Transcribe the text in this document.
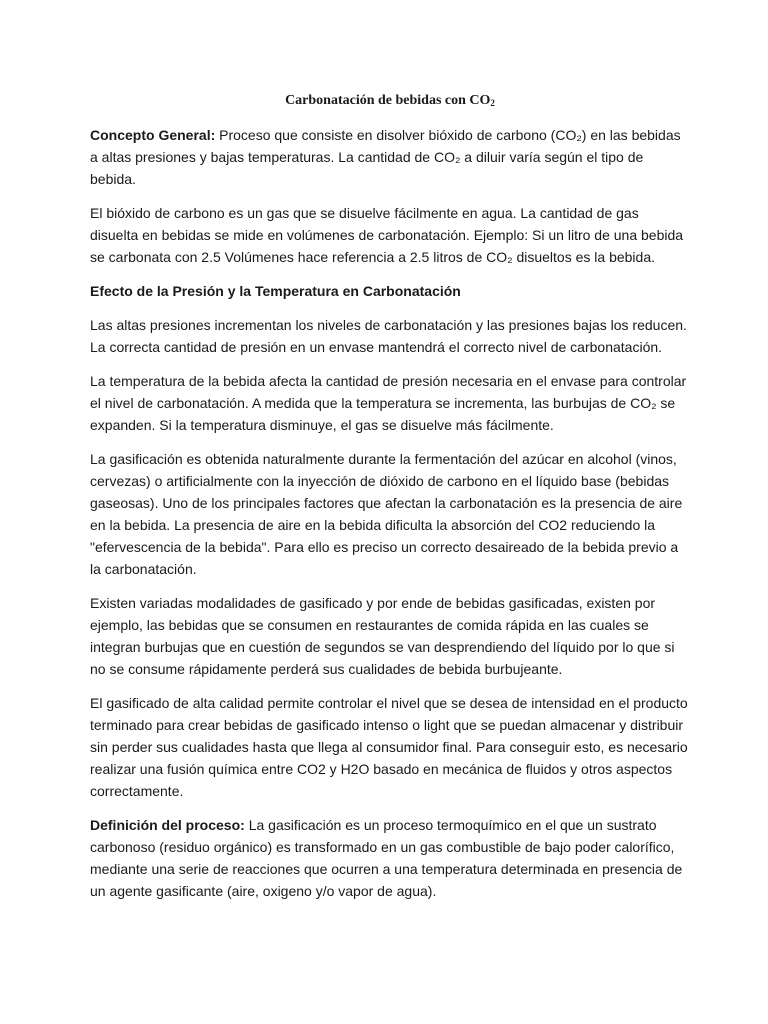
Carbonatación de bebidas con $CO_2$

Concepto General: Proceso que consiste en disolver bióxido de carbono (CO₂) en las bebidas a altas presiones y bajas temperaturas. La cantidad de CO₂ a diluir varía según el tipo de bebida.

El bióxido de carbono es un gas que se disuelve fácilmente en agua. La cantidad de gas disuelta en bebidas se mide en volúmenes de carbonatación. Ejemplo: Si un litro de una bebida se carbonata con 2.5 Volúmenes hace referencia a 2.5 litros de CO₂ disueltos es la bebida.

Efecto de la Presión y la Temperatura en Carbonatación

Las altas presiones incrementan los niveles de carbonatación y las presiones bajas los reducen. La correcta cantidad de presión en un envase mantendrá el correcto nivel de carbonatación.

La temperatura de la bebida afecta la cantidad de presión necesaria en el envase para controlar el nivel de carbonatación. A medida que la temperatura se incrementa, las burbujas de CO₂ se expanden. Si la temperatura disminuye, el gas se disuelve más fácilmente.

La gasificación es obtenida naturalmente durante la fermentación del azúcar en alcohol (vinos, cervezas) o artificialmente con la inyección de dióxido de carbono en el líquido base (bebidas gaseosas). Uno de los principales factores que afectan la carbonatación es la presencia de aire en la bebida. La presencia de aire en la bebida dificulta la absorción del CO2 reduciendo la "efervescencia de la bebida". Para ello es preciso un correcto desaireado de la bebida previo a la carbonatación.

Existen variadas modalidades de gasificado y por ende de bebidas gasificadas, existen por ejemplo, las bebidas que se consumen en restaurantes de comida rápida en las cuales se integran burbujas que en cuestión de segundos se van desprendiendo del líquido por lo que si no se consume rápidamente perderá sus cualidades de bebida burbujeante.

El gasificado de alta calidad permite controlar el nivel que se desea de intensidad en el producto terminado para crear bebidas de gasificado intenso o light que se puedan almacenar y distribuir sin perder sus cualidades hasta que llega al consumidor final. Para conseguir esto, es necesario realizar una fusión química entre CO2 y H2O basado en mecánica de fluidos y otros aspectos correctamente.

Definición del proceso: La gasificación es un proceso termoquímico en el que un sustrato carbonoso (residuo orgánico) es transformado en un gas combustible de bajo poder calorífico, mediante una serie de reacciones que ocurren a una temperatura determinada en presencia de un agente gasificante (aire, oxigeno y/o vapor de agua).
